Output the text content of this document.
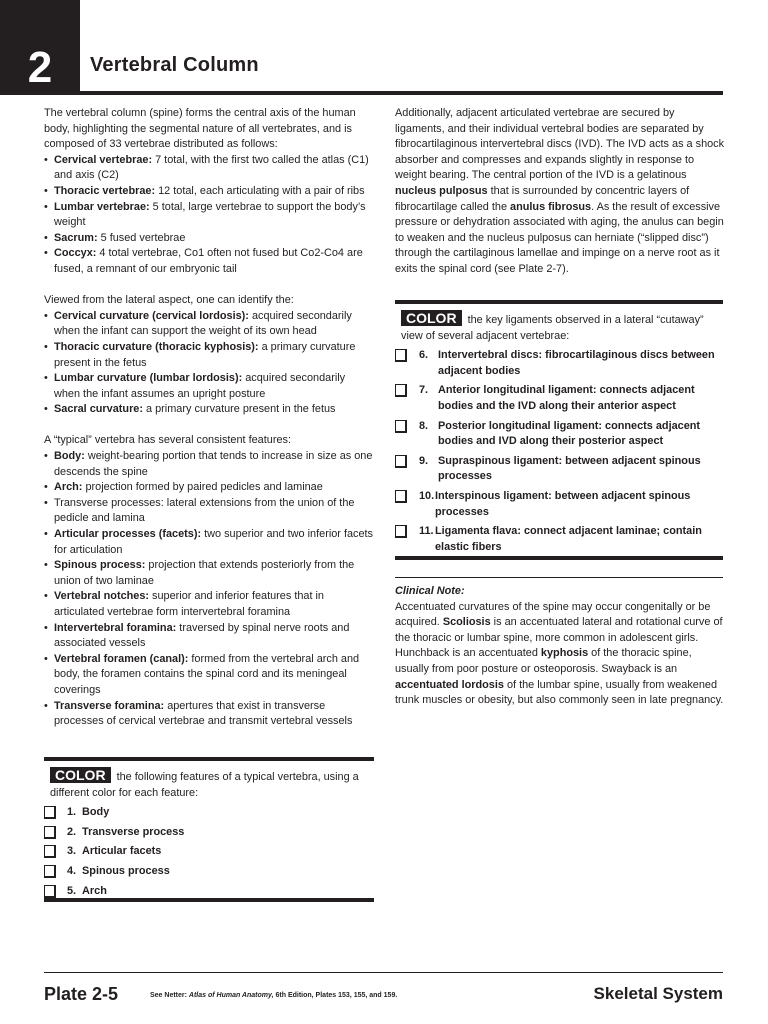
2	Vertebral Column

The vertebral column (spine) forms the central axis of the human body, highlighting the segmental nature of all vertebrates, and is composed of 33 vertebrae distributed as follows:

• Cervical vertebrae: 7 total, with the first two called the atlas (C1) and axis (C2)
• Thoracic vertebrae: 12 total, each articulating with a pair of ribs
• Lumbar vertebrae: 5 total, large vertebrae to support the body’s weight
• Sacrum: 5 fused vertebrae
• Coccyx: 4 total vertebrae, Co1 often not fused but Co2-Co4 are fused, a remnant of our embryonic tail

Viewed from the lateral aspect, one can identify the:

• Cervical curvature (cervical lordosis): acquired secondarily when the infant can support the weight of its own head
• Thoracic curvature (thoracic kyphosis): a primary curvature present in the fetus
• Lumbar curvature (lumbar lordosis): acquired secondarily when the infant assumes an upright posture
• Sacral curvature: a primary curvature present in the fetus

A “typical” vertebra has several consistent features:

• Body: weight-bearing portion that tends to increase in size as one descends the spine
• Arch: projection formed by paired pedicles and laminae
• Transverse processes: lateral extensions from the union of the pedicle and lamina
• Articular processes (facets): two superior and two inferior facets for articulation
• Spinous process: projection that extends posteriorly from the union of two laminae
• Vertebral notches: superior and inferior features that in articulated vertebrae form intervertebral foramina
• Intervertebral foramina: traversed by spinal nerve roots and associated vessels
• Vertebral foramen (canal): formed from the vertebral arch and body, the foramen contains the spinal cord and its meningeal coverings
• Transverse foramina: apertures that exist in transverse processes of cervical vertebrae and transmit vertebral vessels
COLOR the following features of a typical vertebra, using a different color for each feature:
1.
Body
2.
Transverse process
3.
Articular facets
4.
Spinous process
5.
Arch

Additionally, adjacent articulated vertebrae are secured by ligaments, and their individual vertebral bodies are separated by fibrocartilaginous intervertebral discs (IVD). The IVD acts as a shock absorber and compresses and expands slightly in response to weight bearing. The central portion of the IVD is a gelatinous nucleus pulposus that is surrounded by concentric layers of fibrocartilage called the anulus fibrosus. As the result of excessive pressure or dehydration associated with aging, the anulus can begin to weaken and the nucleus pulposus can herniate (“slipped disc”) through the cartilaginous lamellae and impinge on a nerve root as it exits the spinal cord (see Plate 2-7).

COLOR the key ligaments observed in a lateral “cutaway” view of several adjacent vertebrae:
6.
Intervertebral discs: fibrocartilaginous discs between adjacent bodies
7.
Anterior longitudinal ligament: connects adjacent bodies and the IVD along their anterior aspect
8.
Posterior longitudinal ligament: connects adjacent bodies and IVD along their posterior aspect
9.
Supraspinous ligament: between adjacent spinous processes
10. Interspinous ligament: between adjacent spinous processes
11. Ligamenta flava: connect adjacent laminae; contain elastic fibers

Clinical Note:

Accentuated curvatures of the spine may occur congenitally or be acquired. Scoliosis is an accentuated lateral and rotational curve of the thoracic or lumbar spine, more common in adolescent girls. Hunchback is an accentuated kyphosis of the thoracic spine, usually from poor posture or osteoporosis. Swayback is an accentuated lordosis of the lumbar spine, usually from weakened trunk muscles or obesity, but also commonly seen in late pregnancy.

Plate 2-5	See Netter: Atlas of Human Anatomy, 6th Edition, Plates 153, 155, and 159.	Skeletal System
